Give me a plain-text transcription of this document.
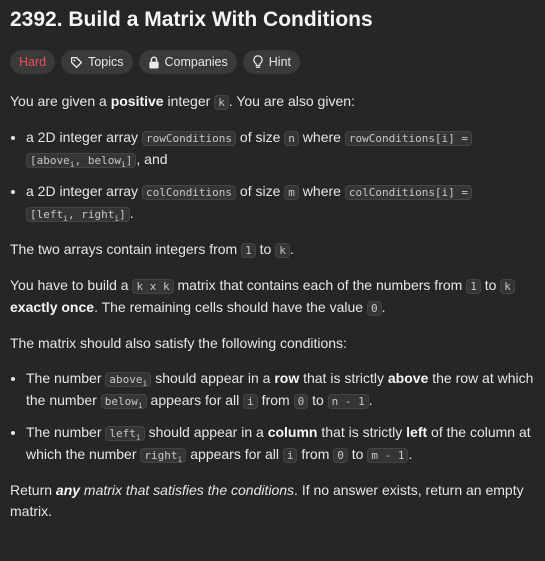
2392. Build a Matrix With Conditions
Hard	Topics	Companies	Hint

You are given a positive integer k . You are also given:

• a 2D integer array rowConditions of size n where rowConditions[i] = [above$_i$, below$_i$] , and
• a 2D integer array colConditions of size m where colConditions[i] = [left$_i$, right$_i$] .

The two arrays contain integers from 1 to k .

You have to build a k x k matrix that contains each of the numbers from 1 to k exactly once. The remaining cells should have the value 0 .

The matrix should also satisfy the following conditions:

• The number above$_i$ should appear in a row that is strictly above the row at which the number below$_i$ appears for all i from 0 to n - 1 .
• The number left$_i$ should appear in a column that is strictly left of the column at which the number right$_i$ appears for all i from 0 to m - 1 .

Return any matrix that satisfies the conditions. If no answer exists, return an empty matrix.
